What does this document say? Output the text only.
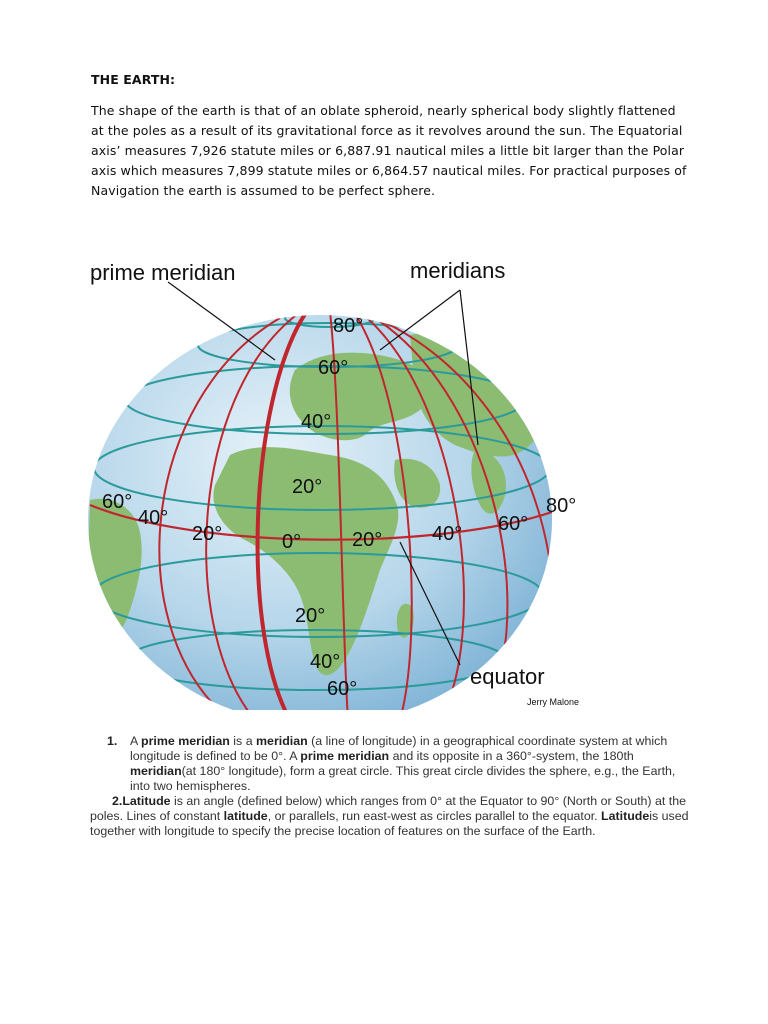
THE EARTH:

The shape of the earth is that of an oblate spheroid, nearly spherical body slightly flattened at the poles as a result of its gravitational force as it revolves around the sun. The Equatorial axis’ measures 7,926 statute miles or 6,887.91 nautical miles a little bit larger than the Polar axis which measures 7,899 statute miles or 6,864.57 nautical miles. For practical purposes of Navigation the earth is assumed to be perfect sphere.

prime meridian	meridians
equator
80°
60°
40°
20°
0°
20°
40°
60°
60°
40°
20°	20° 40° 60°
80°
Jerry Malone

1. A prime meridian is a meridian (a line of longitude) in a geographical coordinate system at which longitude is defined to be 0°. A prime meridian and its opposite in a 360°-system, the 180th meridian(at 180° longitude), form a great circle. This great circle divides the sphere, e.g., the Earth, into two hemispheres.

2.Latitude is an angle (defined below) which ranges from 0° at the Equator to 90° (North or South) at the poles. Lines of constant latitude, or parallels, run east-west as circles parallel to the equator. Latitudeis used together with longitude to specify the precise location of features on the surface of the Earth.
